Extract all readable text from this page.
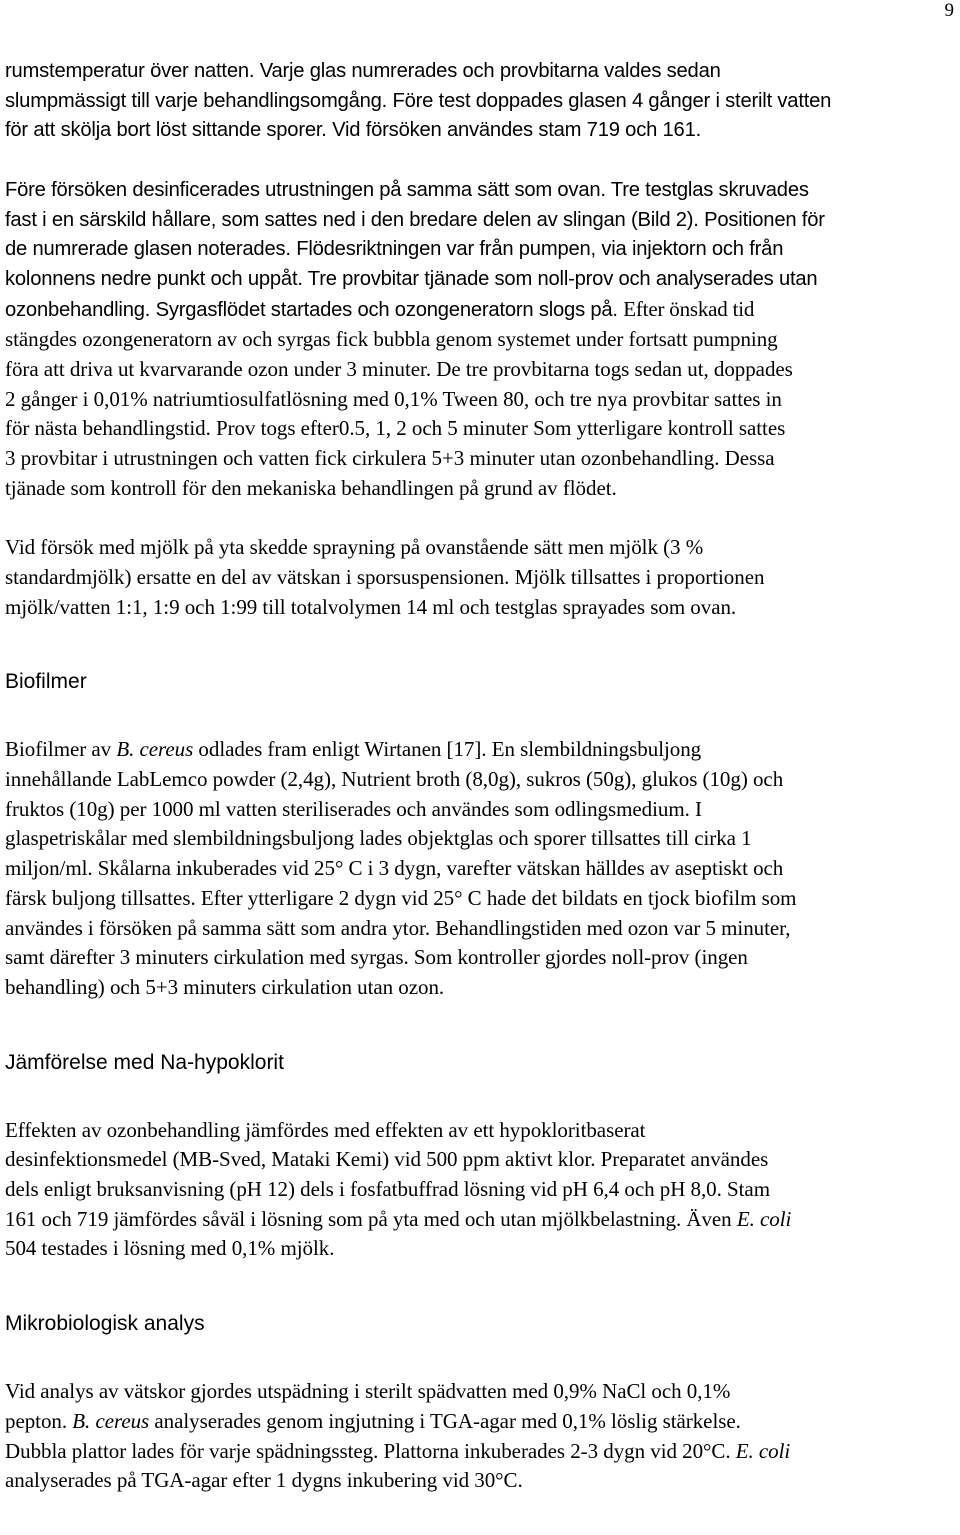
9

rumstemperatur över natten. Varje glas numrerades och provbitarna valdes sedan
slumpmässigt till varje behandlingsomgång. Före test doppades glasen 4 gånger i sterilt vatten
för att skölja bort löst sittande sporer. Vid försöken användes stam 719 och 161.

Före försöken desinficerades utrustningen på samma sätt som ovan. Tre testglas skruvades
fast i en särskild hållare, som sattes ned i den bredare delen av slingan (Bild 2). Positionen för
de numrerade glasen noterades. Flödesriktningen var från pumpen, via injektorn och från
kolonnens nedre punkt och uppåt. Tre provbitar tjänade som noll-prov och analyserades utan
ozonbehandling. Syrgasflödet startades och ozongeneratorn slogs på. Efter önskad tid

stängdes ozongeneratorn av och syrgas fick bubbla genom systemet under fortsatt pumpning
föra att driva ut kvarvarande ozon under 3 minuter. De tre provbitarna togs sedan ut, doppades
2 gånger i 0,01% natriumtiosulfatlösning med 0,1% Tween 80, och tre nya provbitar sattes in
för nästa behandlingstid. Prov togs efter0.5, 1, 2 och 5 minuter Som ytterligare kontroll sattes
3 provbitar i utrustningen och vatten fick cirkulera 5+3 minuter utan ozonbehandling. Dessa
tjänade som kontroll för den mekaniska behandlingen på grund av flödet.

Vid försök med mjölk på yta skedde sprayning på ovanstående sätt men mjölk (3 %
standardmjölk) ersatte en del av vätskan i sporsuspensionen. Mjölk tillsattes i proportionen
mjölk/vatten 1:1, 1:9 och 1:99 till totalvolymen 14 ml och testglas sprayades som ovan.

Biofilmer

Biofilmer av B. cereus odlades fram enligt Wirtanen [17]. En slembildningsbuljong
innehållande LabLemco powder (2,4g), Nutrient broth (8,0g), sukros (50g), glukos (10g) och
fruktos (10g) per 1000 ml vatten steriliserades och användes som odlingsmedium. I
glaspetriskålar med slembildningsbuljong lades objektglas och sporer tillsattes till cirka 1
miljon/ml. Skålarna inkuberades vid 25° C i 3 dygn, varefter vätskan hälldes av aseptiskt och
färsk buljong tillsattes. Efter ytterligare 2 dygn vid 25° C hade det bildats en tjock biofilm som
användes i försöken på samma sätt som andra ytor. Behandlingstiden med ozon var 5 minuter,
samt därefter 3 minuters cirkulation med syrgas. Som kontroller gjordes noll-prov (ingen
behandling) och 5+3 minuters cirkulation utan ozon.

Jämförelse med Na-hypoklorit

Effekten av ozonbehandling jämfördes med effekten av ett hypokloritbaserat
desinfektionsmedel (MB-Sved, Mataki Kemi) vid 500 ppm aktivt klor. Preparatet användes
dels enligt bruksanvisning (pH 12) dels i fosfatbuffrad lösning vid pH 6,4 och pH 8,0. Stam
161 och 719 jämfördes såväl i lösning som på yta med och utan mjölkbelastning. Även E. coli
504 testades i lösning med 0,1% mjölk.

Mikrobiologisk analys

Vid analys av vätskor gjordes utspädning i sterilt spädvatten med 0,9% NaCl och 0,1%
pepton. B. cereus analyserades genom ingjutning i TGA-agar med 0,1% löslig stärkelse.
Dubbla plattor lades för varje spädningssteg. Plattorna inkuberades 2-3 dygn vid 20°C. E. coli
analyserades på TGA-agar efter 1 dygns inkubering vid 30°C.
